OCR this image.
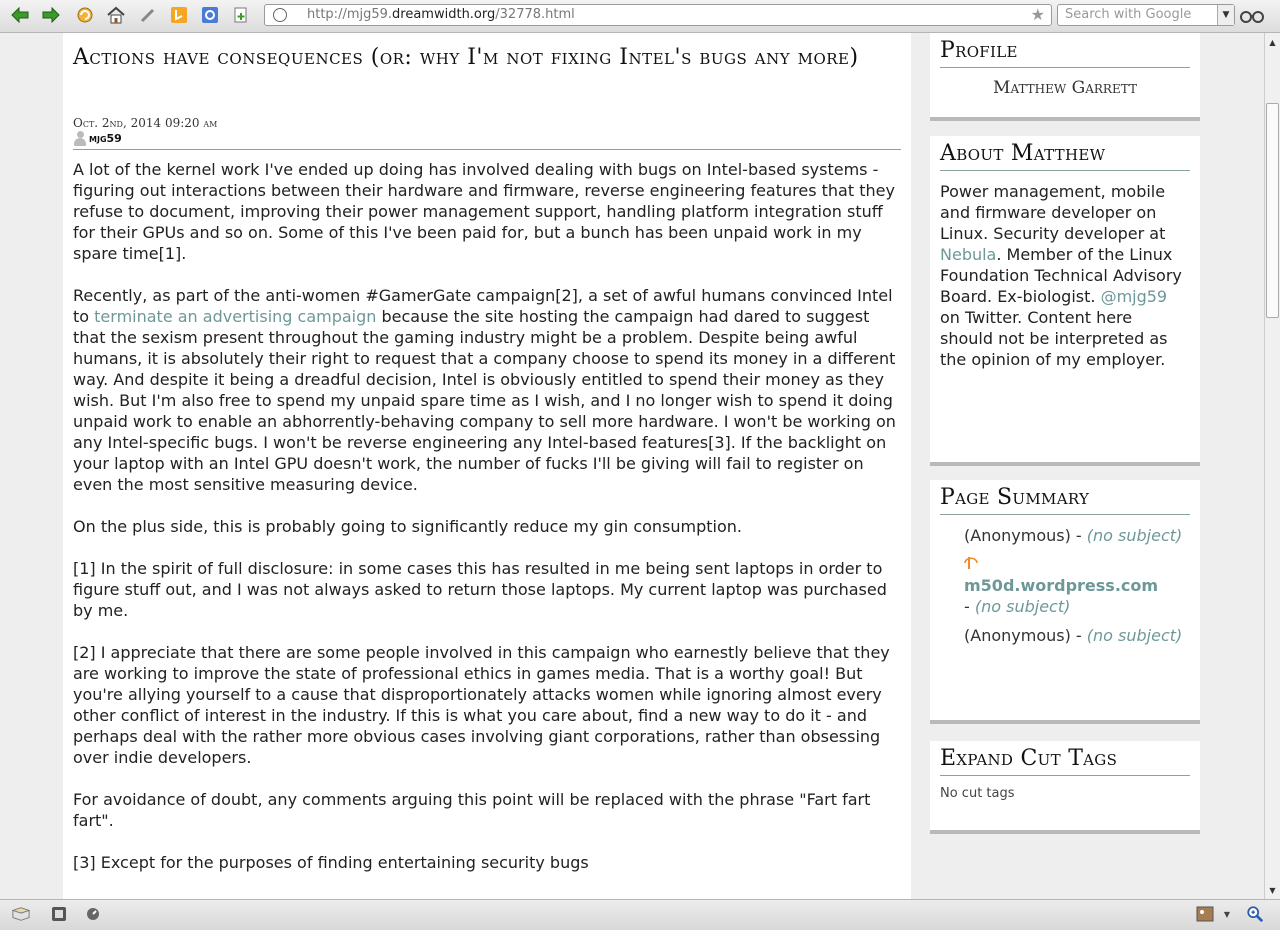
http://mjg59.dreamwidth.org/32778.html	★ Search with Google	▼
Actions have consequences (or: why I'm not fixing Intel's bugs any more)
Oct. 2nd, 2014 09:20 am
mjg59

A lot of the kernel work I've ended up doing has involved dealing with bugs on Intel-based systems - figuring out interactions between their hardware and firmware, reverse engineering features that they refuse to document, improving their power management support, handling platform integration stuff for their GPUs and so on. Some of this I've been paid for, but a bunch has been unpaid work in my spare time[1].

Recently, as part of the anti-women #GamerGate campaign[2], a set of awful humans convinced Intel to terminate an advertising campaign because the site hosting the campaign had dared to suggest that the sexism present throughout the gaming industry might be a problem. Despite being awful humans, it is absolutely their right to request that a company choose to spend its money in a different way. And despite it being a dreadful decision, Intel is obviously entitled to spend their money as they wish. But I'm also free to spend my unpaid spare time as I wish, and I no longer wish to spend it doing unpaid work to enable an abhorrently-behaving company to sell more hardware. I won't be working on any Intel-specific bugs. I won't be reverse engineering any Intel-based features[3]. If the backlight on your laptop with an Intel GPU doesn't work, the number of fucks I'll be giving will fail to register on even the most sensitive measuring device.

On the plus side, this is probably going to significantly reduce my gin consumption.

[1] In the spirit of full disclosure: in some cases this has resulted in me being sent laptops in order to figure stuff out, and I was not always asked to return those laptops. My current laptop was purchased by me.

[2] I appreciate that there are some people involved in this campaign who earnestly believe that they are working to improve the state of professional ethics in games media. That is a worthy goal! But you're allying yourself to a cause that disproportionately attacks women while ignoring almost every other conflict of interest in the industry. If this is what you care about, find a new way to do it - and perhaps deal with the rather more obvious cases involving giant corporations, rather than obsessing over indie developers.

For avoidance of doubt, any comments arguing this point will be replaced with the phrase "Fart fart fart".

[3] Except for the purposes of finding entertaining security bugs

Profile
Matthew Garrett
About Matthew

Power management, mobile and firmware developer on Linux. Security developer at Nebula. Member of the Linux Foundation Technical Advisory Board. Ex-biologist. @mjg59 on Twitter. Content here should not be interpreted as the opinion of my employer.

Page Summary
(Anonymous) - (no subject)

m50d.wordpress.com
- (no subject)
(Anonymous) - (no subject)
Expand Cut Tags
No cut tags
▲
▼
▼
